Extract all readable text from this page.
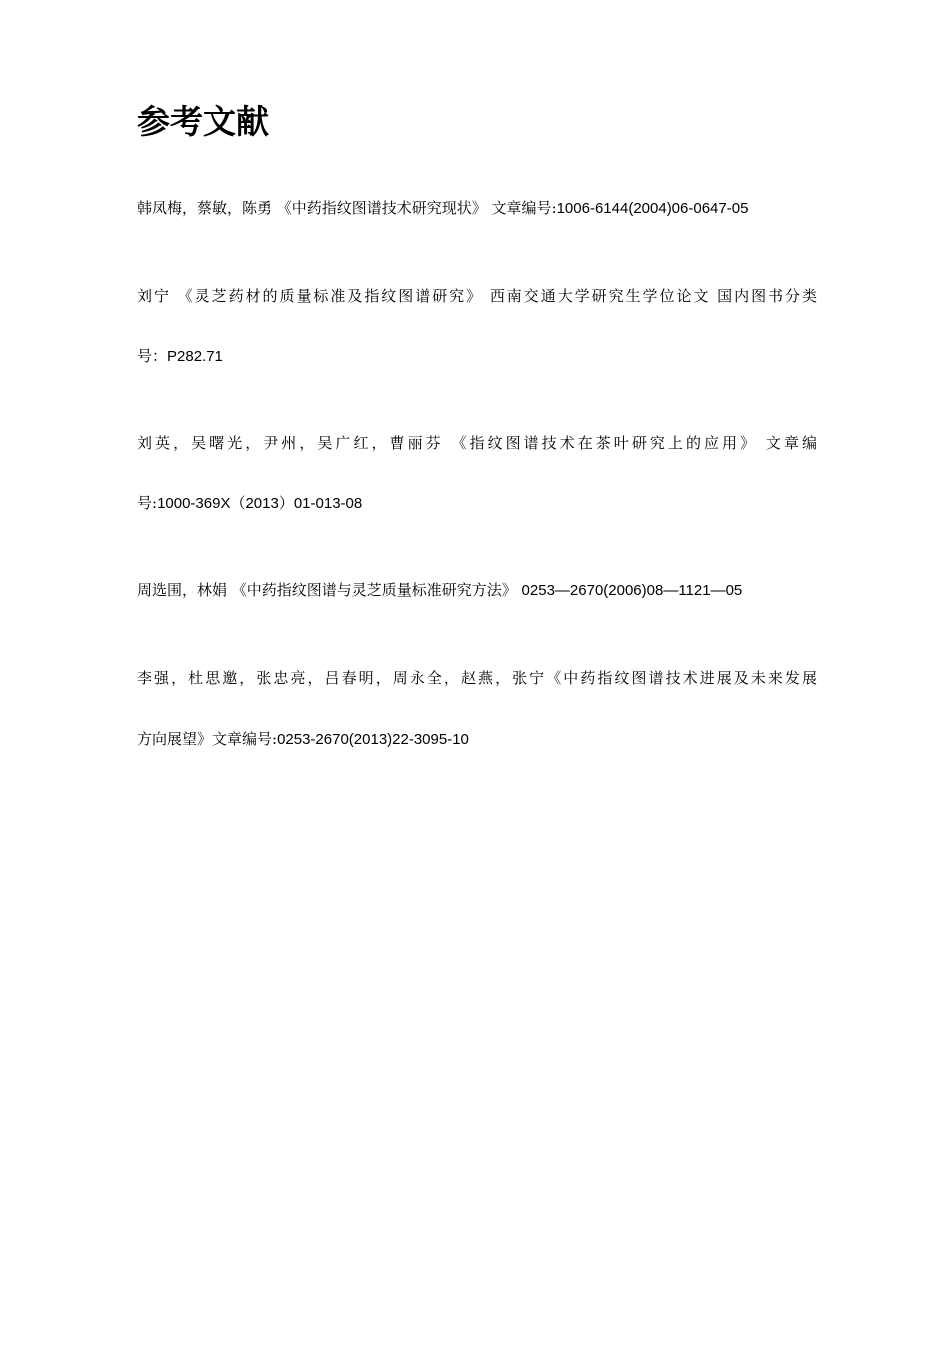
参考文献

韩凤梅，蔡敏，陈勇 《中药指纹图谱技术研究现状》 文章编号:1006-6144(2004)06-0647-05

刘宁 《灵芝药材的质量标准及指纹图谱研究》 西南交通大学研究生学位论文 国内图书分类

号：P282.71

刘英，吴曙光，尹州，吴广红，曹丽芬 《指纹图谱技术在茶叶研究上的应用》 文章编

号:1000-369X（2013）01-013-08

周选围，林娟 《中药指纹图谱与灵芝质量标准研究方法》 0253—2670(2006)08—1121—05

李强，杜思邀，张忠亮，吕春明，周永全，赵燕，张宁《中药指纹图谱技术进展及未来发展

方向展望》文章编号:0253-2670(2013)22-3095-10
